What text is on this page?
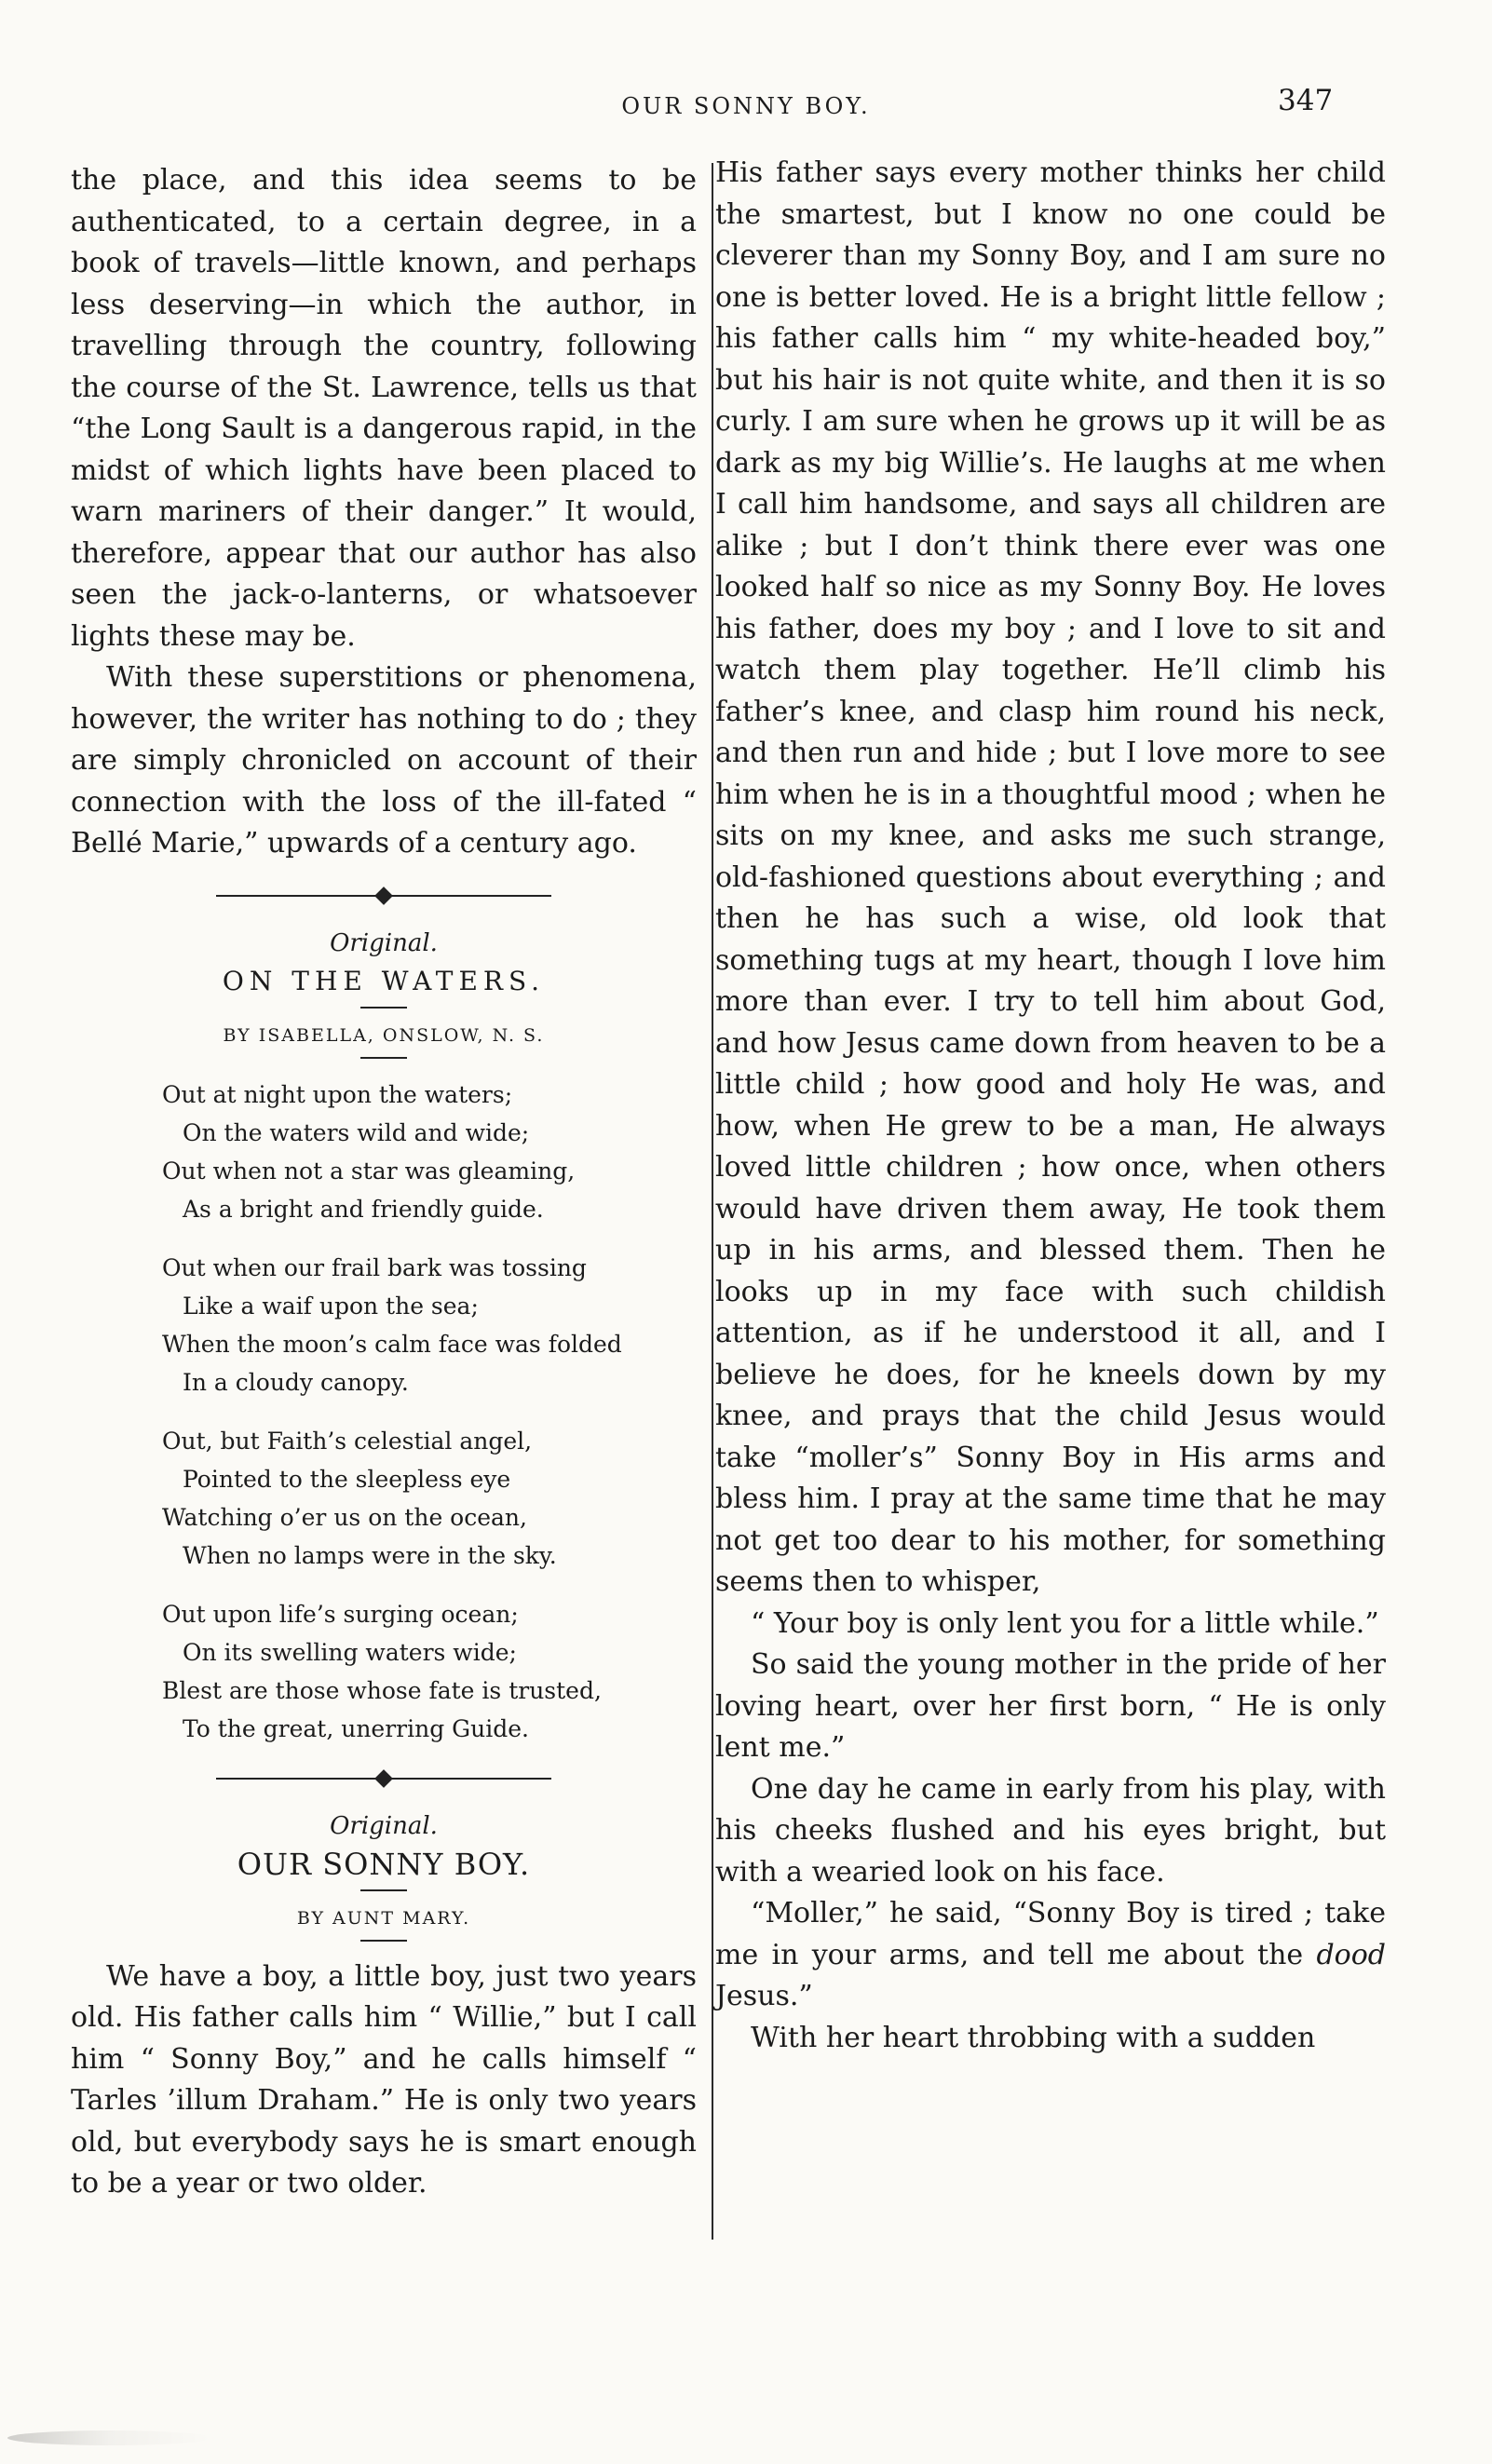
OUR SONNY BOY.	347

the place, and this idea seems to be authenticated, to a certain degree, in a book of travels—little known, and perhaps less deserving—in which the author, in travelling through the country, following the course of the St. Lawrence, tells us that “the Long Sault is a dangerous rapid, in the midst of which lights have been placed to warn mariners of their danger.” It would, therefore, appear that our author has also seen the jack-o-lanterns, or whatsoever lights these may be.

With these superstitions or phenomena, however, the writer has nothing to do ; they are simply chronicled on account of their connection with the loss of the ill-fated “ Bellé Marie,” upwards of a century ago.

Original.
ON THE WATERS.
BY ISABELLA, ONSLOW, N. S.
Out at night upon the waters;
On the waters wild and wide;
Out when not a star was gleaming,
As a bright and friendly guide.
Out when our frail bark was tossing
Like a waif upon the sea;
When the moon’s calm face was folded
In a cloudy canopy.
Out, but Faith’s celestial angel,
Pointed to the sleepless eye
Watching o’er us on the ocean,
When no lamps were in the sky.
Out upon life’s surging ocean;
On its swelling waters wide;
Blest are those whose fate is trusted,
To the great, unerring Guide.
Original.
OUR SONNY BOY.
BY AUNT MARY.

We have a boy, a little boy, just two years old. His father calls him “ Willie,” but I call him “ Sonny Boy,” and he calls himself “ Tarles ’illum Draham.” He is only two years old, but everybody says he is smart enough to be a year or two older.

His father says every mother thinks her child the smartest, but I know no one could be cleverer than my Sonny Boy, and I am sure no one is better loved. He is a bright little fellow ; his father calls him “ my white-headed boy,” but his hair is not quite white, and then it is so curly. I am sure when he grows up it will be as dark as my big Willie’s. He laughs at me when I call him handsome, and says all children are alike ; but I don’t think there ever was one looked half so nice as my Sonny Boy. He loves his father, does my boy ; and I love to sit and watch them play together. He’ll climb his father’s knee, and clasp him round his neck, and then run and hide ; but I love more to see him when he is in a thoughtful mood ; when he sits on my knee, and asks me such strange, old-fashioned questions about everything ; and then he has such a wise, old look that something tugs at my heart, though I love him more than ever. I try to tell him about God, and how Jesus came down from heaven to be a little child ; how good and holy He was, and how, when He grew to be a man, He always loved little children ; how once, when others would have driven them away, He took them up in his arms, and blessed them. Then he looks up in my face with such childish attention, as if he understood it all, and I believe he does, for he kneels down by my knee, and prays that the child Jesus would take “moller’s” Sonny Boy in His arms and bless him. I pray at the same time that he may not get too dear to his mother, for something seems then to whisper,

“ Your boy is only lent you for a little while.”

So said the young mother in the pride of her loving heart, over her first born, “ He is only lent me.”

One day he came in early from his play, with his cheeks flushed and his eyes bright, but with a wearied look on his face.

“Moller,” he said, “Sonny Boy is tired ; take me in your arms, and tell me about the dood Jesus.”

With her heart throbbing with a sudden
